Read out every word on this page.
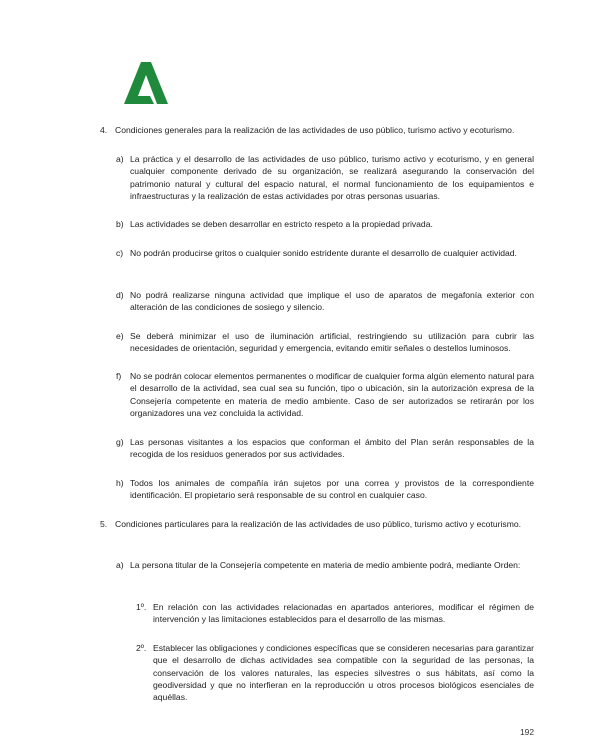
4. Condiciones generales para la realización de las actividades de uso público, turismo activo y ecoturismo.
a) La práctica y el desarrollo de las actividades de uso público, turismo activo y ecoturismo, y en general cualquier componente derivado de su organización, se realizará asegurando la conservación del patrimonio natural y cultural del espacio natural, el normal funcionamiento de los equipamientos e infraestructuras y la realización de estas actividades por otras personas usuarias.
b) Las actividades se deben desarrollar en estricto respeto a la propiedad privada.
c) No podrán producirse gritos o cualquier sonido estridente durante el desarrollo de cualquier actividad.
d) No podrá realizarse ninguna actividad que implique el uso de aparatos de megafonía exterior con alteración de las condiciones de sosiego y silencio.
e) Se deberá minimizar el uso de iluminación artificial, restringiendo su utilización para cubrir las necesidades de orientación, seguridad y emergencia, evitando emitir señales o destellos luminosos.
f) No se podrán colocar elementos permanentes o modificar de cualquier forma algún elemento natural para el desarrollo de la actividad, sea cual sea su función, tipo o ubicación, sin la autorización expresa de la Consejería competente en materia de medio ambiente. Caso de ser autorizados se retirarán por los organizadores una vez concluida la actividad.
g) Las personas visitantes a los espacios que conforman el ámbito del Plan serán responsables de la recogida de los residuos generados por sus actividades.
h) Todos los animales de compañía irán sujetos por una correa y provistos de la correspondiente identificación. El propietario será responsable de su control en cualquier caso.
5. Condiciones particulares para la realización de las actividades de uso público, turismo activo y ecoturismo.
a) La persona titular de la Consejería competente en materia de medio ambiente podrá, mediante Orden:
1º. En relación con las actividades relacionadas en apartados anteriores, modificar el régimen de intervención y las limitaciones establecidos para el desarrollo de las mismas.
2º. Establecer las obligaciones y condiciones específicas que se consideren necesarias para garantizar que el desarrollo de dichas actividades sea compatible con la seguridad de las personas, la conservación de los valores naturales, las especies silvestres o sus hábitats, así como la geodiversidad y que no interfieran en la reproducción u otros procesos biológicos esenciales de aquéllas.
192
